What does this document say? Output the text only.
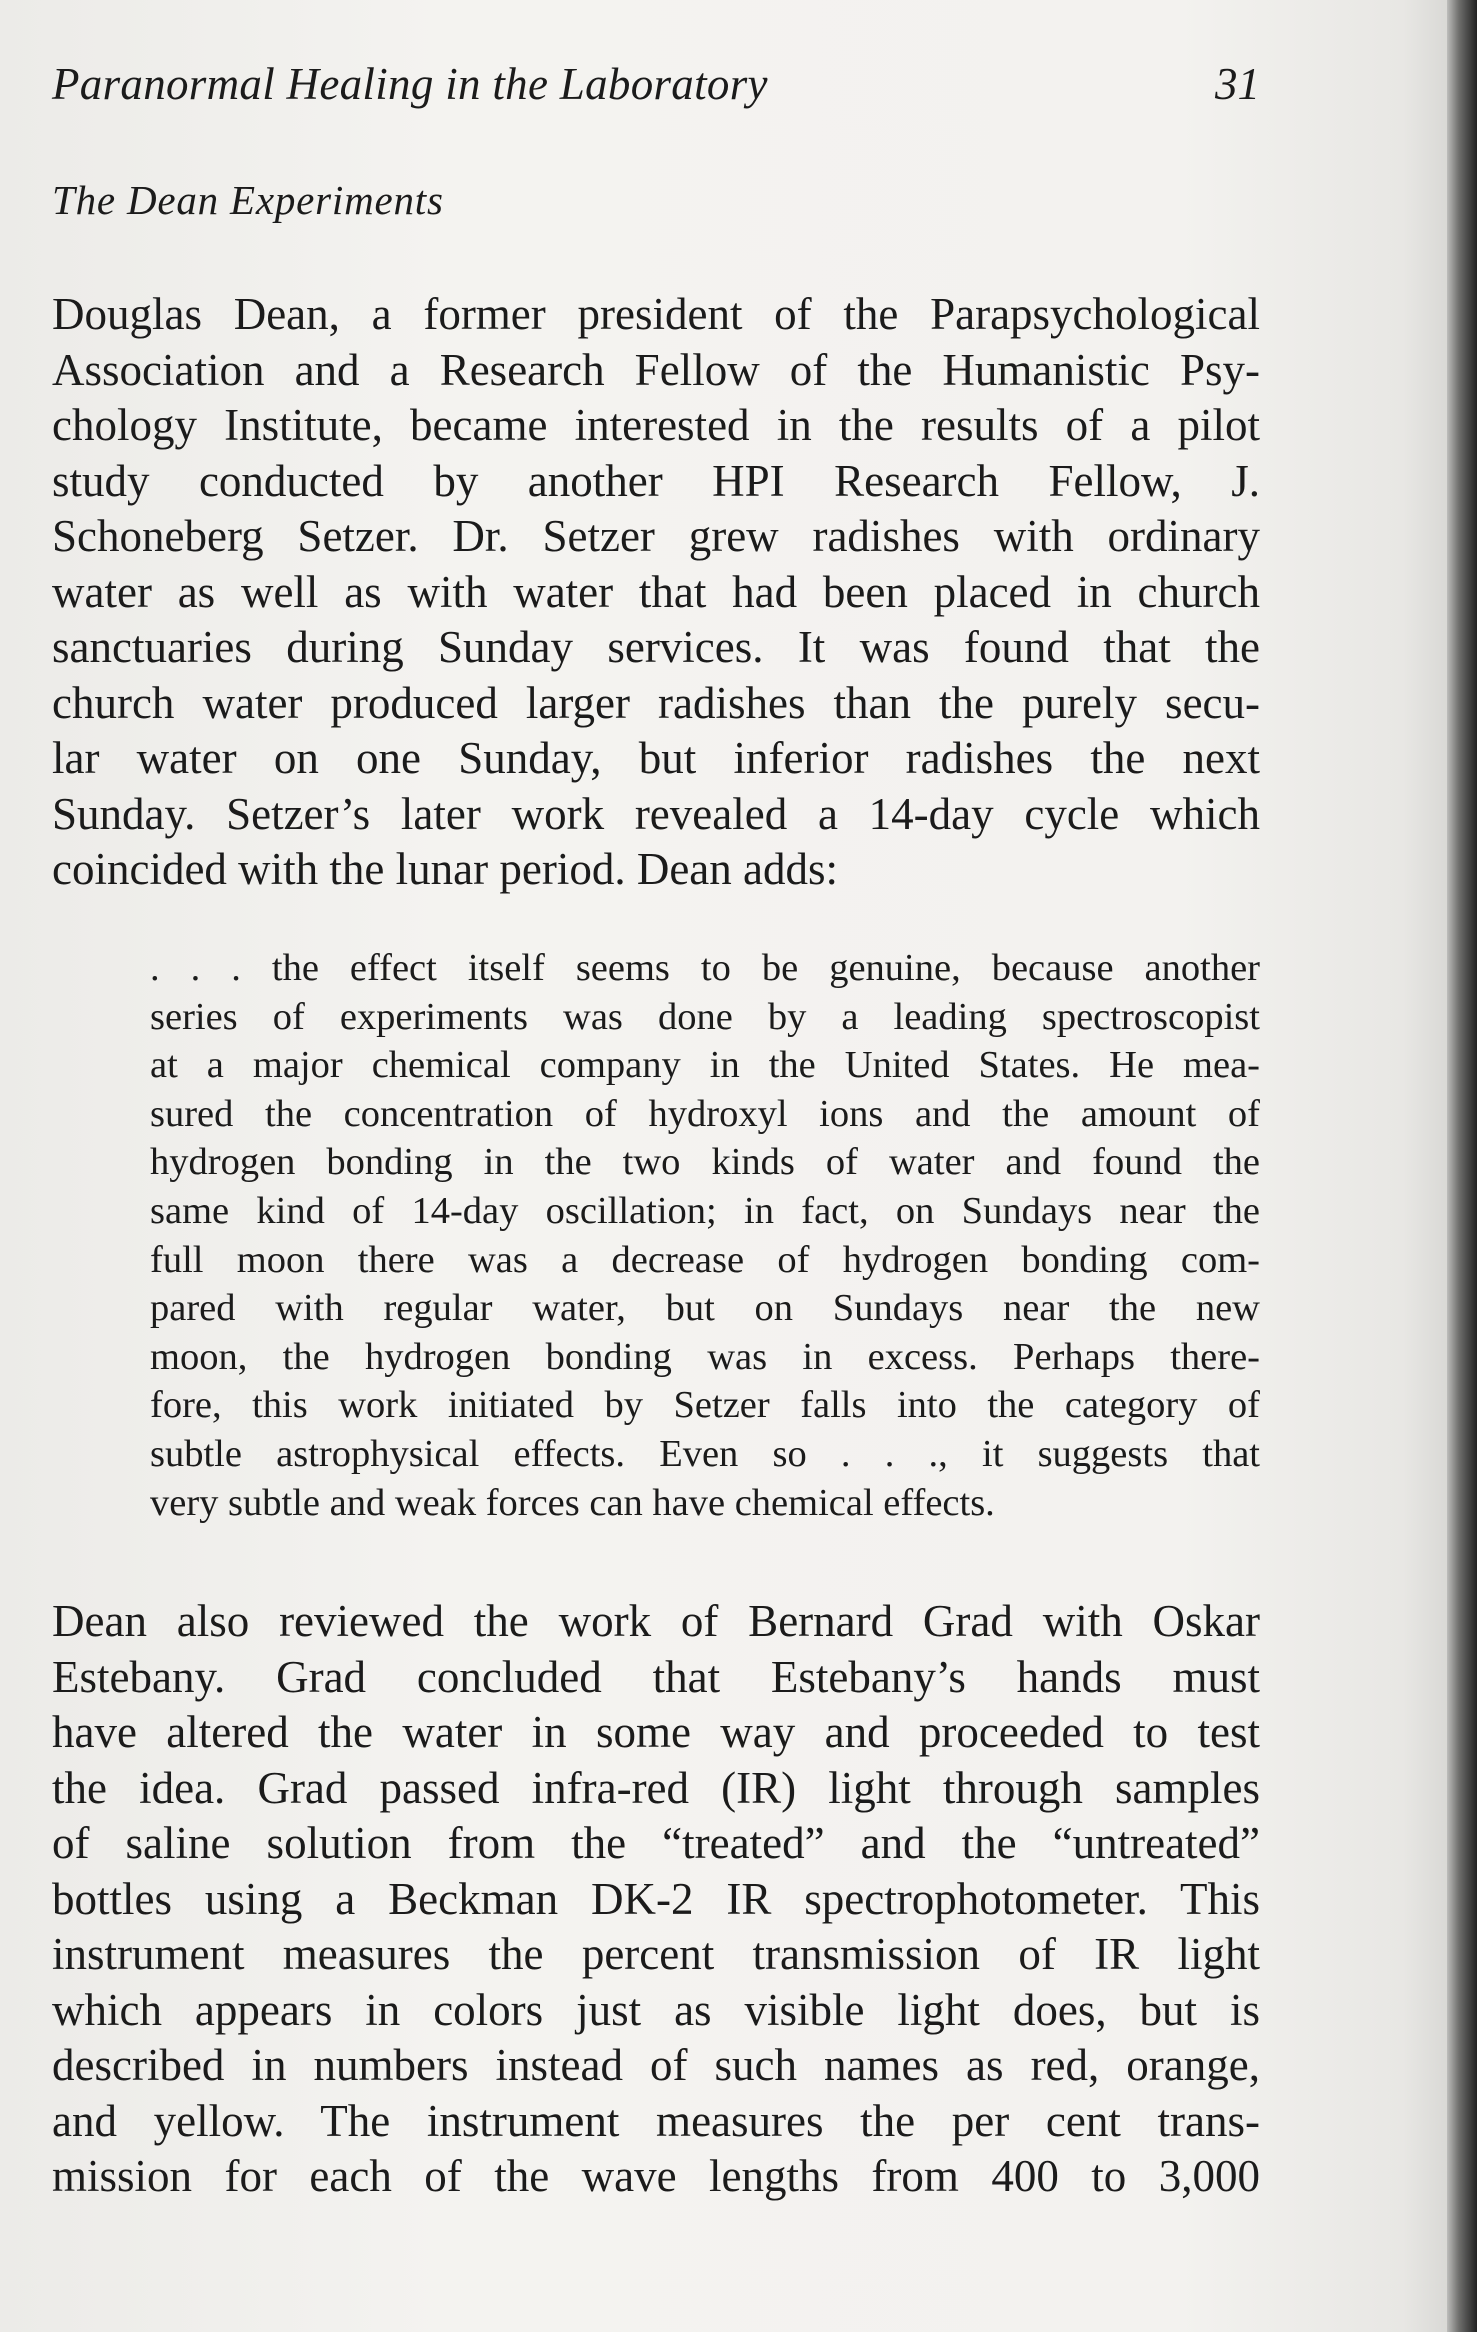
Paranormal Healing in the Laboratory	31
The Dean Experiments
Douglas Dean, a former president of the Parapsychological
Association and a Research Fellow of the Humanistic Psy-
chology Institute, became interested in the results of a pilot
study conducted by another HPI Research Fellow, J.
Schoneberg Setzer. Dr. Setzer grew radishes with ordinary
water as well as with water that had been placed in church
sanctuaries during Sunday services. It was found that the
church water produced larger radishes than the purely secu-
lar water on one Sunday, but inferior radishes the next
Sunday. Setzer’s later work revealed a 14-day cycle which
coincided with the lunar period. Dean adds:
. . . the effect itself seems to be genuine, because another
series of experiments was done by a leading spectroscopist
at a major chemical company in the United States. He mea-
sured the concentration of hydroxyl ions and the amount of
hydrogen bonding in the two kinds of water and found the
same kind of 14-day oscillation; in fact, on Sundays near the
full moon there was a decrease of hydrogen bonding com-
pared with regular water, but on Sundays near the new
moon, the hydrogen bonding was in excess. Perhaps there-
fore, this work initiated by Setzer falls into the category of
subtle astrophysical effects. Even so . . ., it suggests that
very subtle and weak forces can have chemical effects.
Dean also reviewed the work of Bernard Grad with Oskar
Estebany. Grad concluded that Estebany’s hands must
have altered the water in some way and proceeded to test
the idea. Grad passed infra-red (IR) light through samples
of saline solution from the “treated” and the “untreated”
bottles using a Beckman DK-2 IR spectrophotometer. This
instrument measures the percent transmission of IR light
which appears in colors just as visible light does, but is
described in numbers instead of such names as red, orange,
and yellow. The instrument measures the per cent trans-
mission for each of the wave lengths from 400 to 3,000
